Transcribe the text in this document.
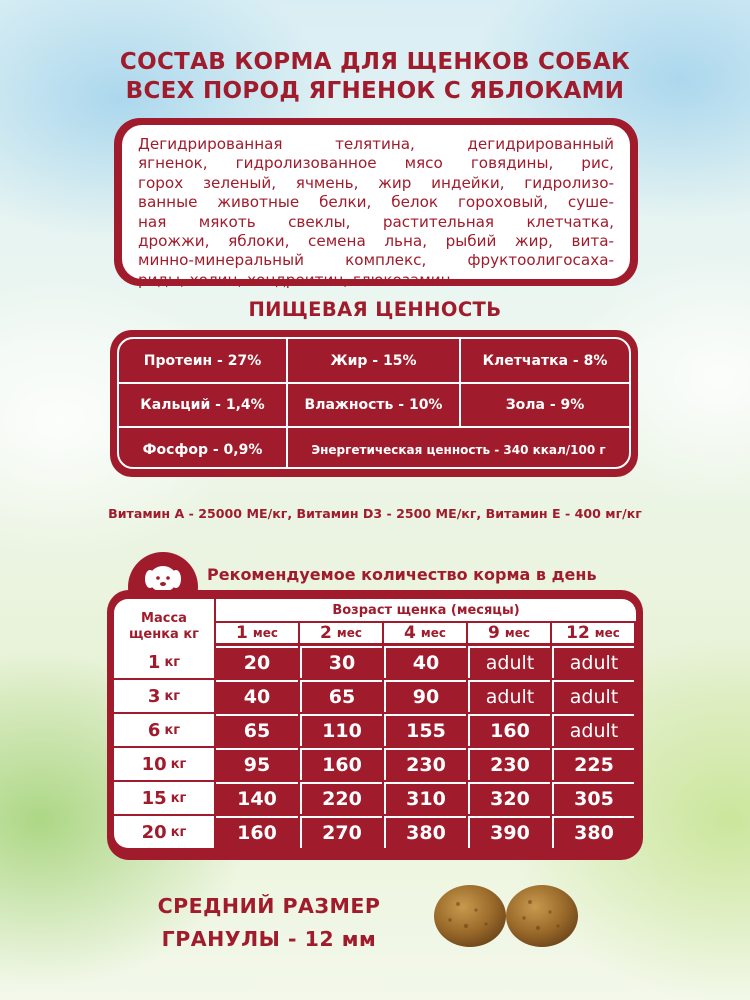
СОСТАВ КОРМА ДЛЯ ЩЕНКОВ СОБАК
ВСЕХ ПОРОД ЯГНЕНОК С ЯБЛОКАМИ
Дегидрированная телятина, дегидрированный
ягненок, гидролизованное мясо говядины, рис,
горох зеленый, ячмень, жир индейки, гидролизо-
ванные животные белки, белок гороховый, суше-
ная мякоть свеклы, растительная клетчатка,
дрожжи, яблоки, семена льна, рыбий жир, вита-
минно-минеральный комплекс, фруктоолигосаха-
риды, холин, хондроитин, глюкозамин.
ПИЩЕВАЯ ЦЕННОСТЬ
Протеин - 27%	Жир - 15%	Клетчатка - 8%
Кальций - 1,4%	Влажность - 10%	Зола - 9%
Фосфор - 0,9%	Энергетическая ценность - 340 ккал/100 г
Витамин А - 25000 МЕ/кг, Витамин D3 - 2500 МЕ/кг, Витамин Е - 400 мг/кг
Рекомендуемое количество корма в день
Масса
щенка кг
Возраст щенка (месяцы)
1 мес 2 мес 4 мес 9 мес 12 мес
1 кг	20	30	40	adult	adult
3 кг	40	65	90	adult	adult
6 кг	65	110	155	160	adult
10 кг	95	160	230	230	225
15 кг	140	220	310	320	305
20 кг	160	270	380	390	380
СРЕДНИЙ РАЗМЕР
ГРАНУЛЫ - 12 мм
